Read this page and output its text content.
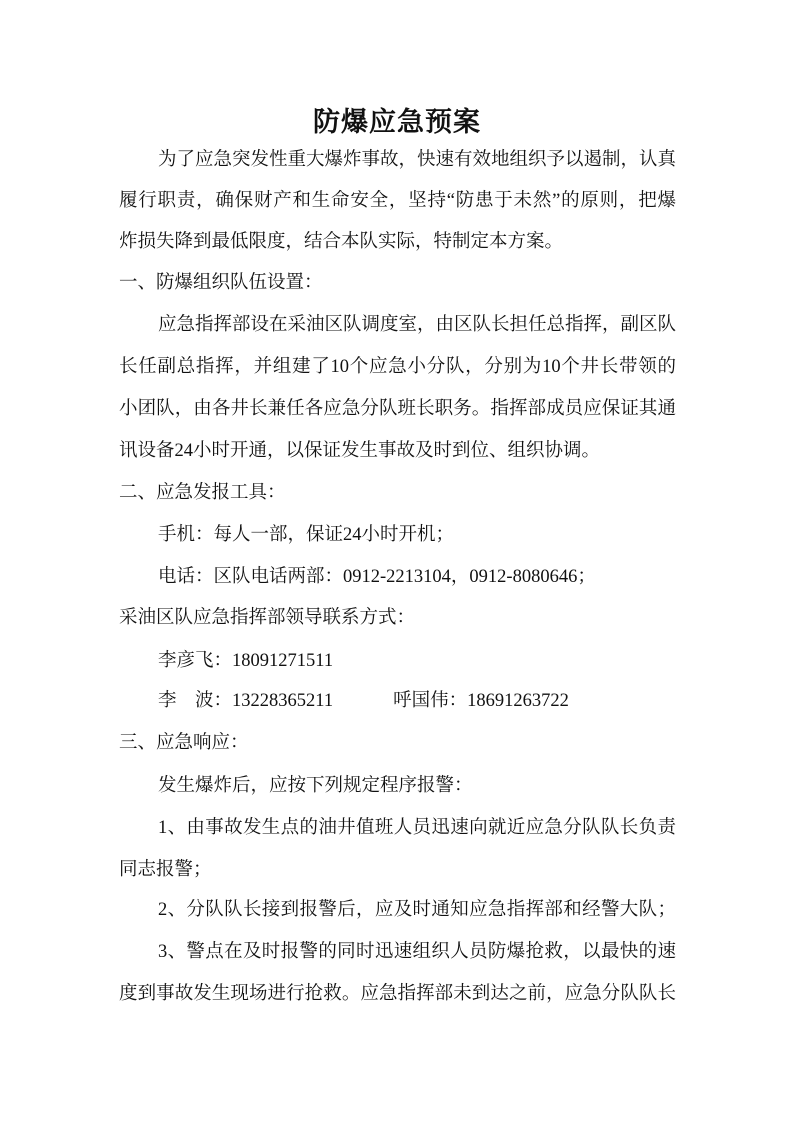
防爆应急预案
为了应急突发性重大爆炸事故，快速有效地组织予以遏制，认真
履行职责，确保财产和生命安全，坚持“防患于未然”的原则，把爆
炸损失降到最低限度，结合本队实际，特制定本方案。
一、防爆组织队伍设置：
应急指挥部设在采油区队调度室，由区队长担任总指挥，副区队
长任副总指挥，并组建了10个应急小分队，分别为10个井长带领的
小团队，由各井长兼任各应急分队班长职务。指挥部成员应保证其通
讯设备24小时开通，以保证发生事故及时到位、组织协调。
二、应急发报工具：
手机：每人一部，保证24小时开机；
电话：区队电话两部：0912-2213104，0912-8080646；
采油区队应急指挥部领导联系方式：
李彦飞：18091271511
李　波：13228365211	呼国伟：18691263722
三、应急响应：
发生爆炸后，应按下列规定程序报警：
1、由事故发生点的油井值班人员迅速向就近应急分队队长负责
同志报警；
2、分队队长接到报警后，应及时通知应急指挥部和经警大队；
3、警点在及时报警的同时迅速组织人员防爆抢救，以最快的速
度到事故发生现场进行抢救。应急指挥部未到达之前，应急分队队长
